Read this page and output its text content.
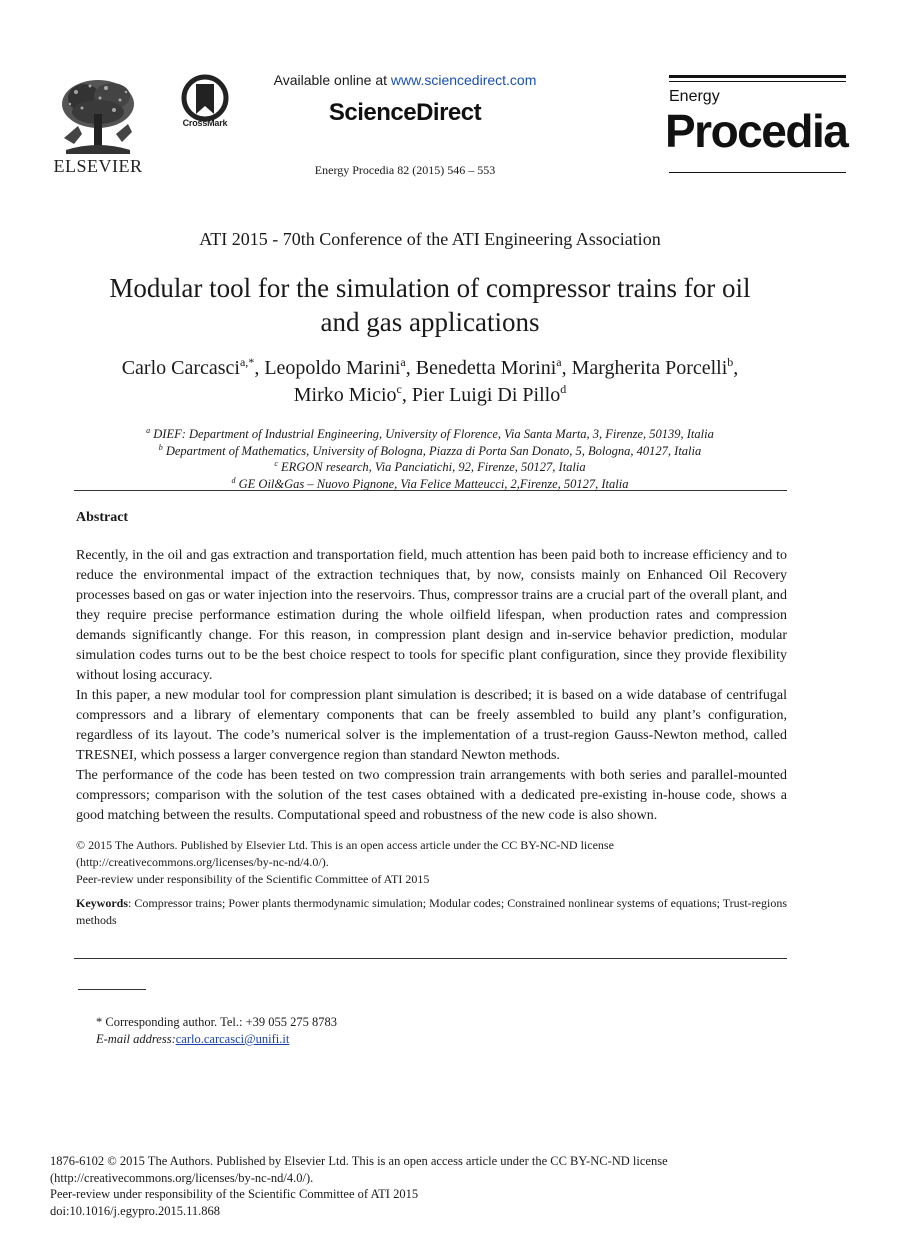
ELSEVIER
CrossMark
Available online at www.sciencedirect.com
ScienceDirect
Energy Procedia 82 (2015) 546 – 553
Energy
Procedia
ATI 2015 - 70th Conference of the ATI Engineering Association
Modular tool for the simulation of compressor trains for oil
and gas applications
Carlo Carcasci$^{a,*}$, Leopoldo Marini$^a$, Benedetta Morini$^a$, Margherita Porcelli$^b$,
Mirko Micio$^c$, Pier Luigi Di Pillo$^d$
$^a$ DIEF: Department of Industrial Engineering, University of Florence, Via Santa Marta, 3, Firenze, 50139, Italia
$^b$ Department of Mathematics, University of Bologna, Piazza di Porta San Donato, 5, Bologna, 40127, Italia
$^c$ ERGON research, Via Panciatichi, 92, Firenze, 50127, Italia
$^d$ GE Oil&Gas – Nuovo Pignone, Via Felice Matteucci, 2,Firenze, 50127, Italia
Abstract
Recently, in the oil and gas extraction and transportation field, much attention has been paid both to increase efficiency and to reduce the environmental impact of the extraction techniques that, by now, consists mainly on Enhanced Oil Recovery processes based on gas or water injection into the reservoirs. Thus, compressor trains are a crucial part of the overall plant, and they require precise performance estimation during the whole oilfield lifespan, when production rates and compression demands significantly change. For this reason, in compression plant design and in-service behavior prediction, modular simulation codes turns out to be the best choice respect to tools for specific plant configuration, since they provide flexibility without losing accuracy.
In this paper, a new modular tool for compression plant simulation is described; it is based on a wide database of centrifugal compressors and a library of elementary components that can be freely assembled to build any plant’s configuration, regardless of its layout. The code’s numerical solver is the implementation of a trust-region Gauss-Newton method, called TRESNEI, which possess a larger convergence region than standard Newton methods.
The performance of the code has been tested on two compression train arrangements with both series and parallel-mounted compressors; comparison with the solution of the test cases obtained with a dedicated pre-existing in-house code, shows a good matching between the results. Computational speed and robustness of the new code is also shown.
© 2015 The Authors. Published by Elsevier Ltd. This is an open access article under the CC BY-NC-ND license
(http://creativecommons.org/licenses/by-nc-nd/4.0/).
Peer-review under responsibility of the Scientific Committee of ATI 2015
Keywords: Compressor trains; Power plants thermodynamic simulation; Modular codes; Constrained nonlinear systems of equations; Trust-regions methods
* Corresponding author. Tel.: +39 055 275 8783
E-mail address:carlo.carcasci@unifi.it
1876-6102 © 2015 The Authors. Published by Elsevier Ltd. This is an open access article under the CC BY-NC-ND license
(http://creativecommons.org/licenses/by-nc-nd/4.0/).
Peer-review under responsibility of the Scientific Committee of ATI 2015
doi:10.1016/j.egypro.2015.11.868
